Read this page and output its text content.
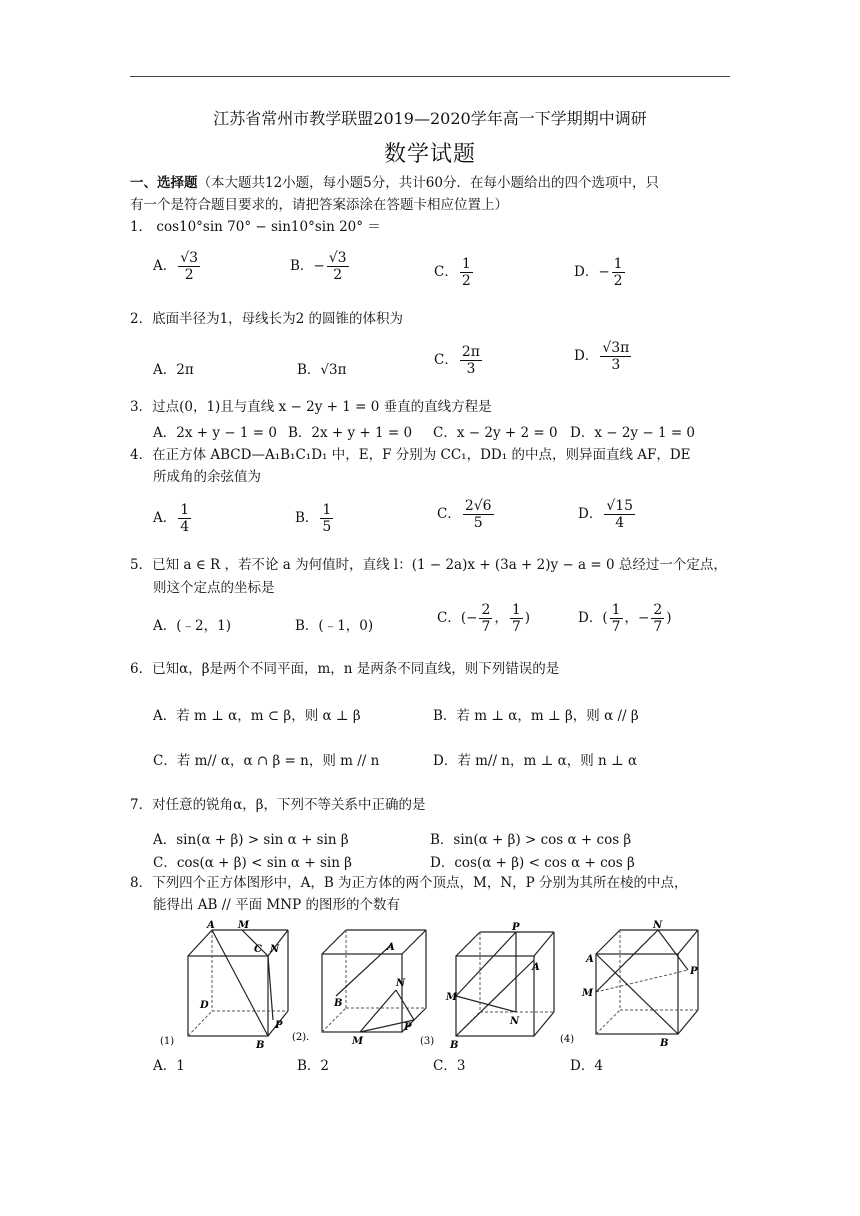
江苏省常州市教学联盟2019—2020学年高一下学期期中调研
数学试题
一、选择题（本大题共12小题，每小题5分，共计60分．在每小题给出的四个选项中，只
有一个是符合题目要求的，请把答案添涂在答题卡相应位置上）
1． cos10°sin 70° − sin10°sin 20° ＝
A． $\frac{√3}{2}$	B．− $\frac{√3}{2}$	C． $\frac{1}{2}$	D．− $\frac{1}{2}$
2．底面半径为1，母线长为2 的圆锥的体积为
A．2π	B．√3π
C． $\frac{2\pi}{3}$	D． $\frac{√3\pi}{3}$
3．过点(0，1)且与直线 x − 2y + 1 = 0 垂直的直线方程是
A．2x + y − 1 = 0 B．2x + y + 1 = 0 C．x − 2y + 2 = 0 D．x − 2y − 1 = 0
4．在正方体 ABCD—A₁B₁C₁D₁ 中，E，F 分别为 CC₁，DD₁ 的中点，则异面直线 AF，DE
所成角的余弦值为
A． $\frac{1}{4}$	B． $\frac{1}{5}$	C． $\frac{2√6}{5}$	D． $\frac{√15}{4}$
5．已知 a ∈ R ，若不论 a 为何值时，直线 l：(1 − 2a)x + (3a + 2)y − a = 0 总经过一个定点，
则这个定点的坐标是
A．(﹣2，1)	B．(﹣1，0)	C．(− $\frac{2}{7}$ ， $\frac{1}{7}$ )	D．( $\frac{1}{7}$ ，− $\frac{2}{7}$ )
6．已知α，β是两个不同平面，m，n 是两条不同直线，则下列错误的是
A．若 m ⊥ α，m ⊂ β，则 α ⊥ β	B．若 m ⊥ α，m ⊥ β，则 α // β
C．若 m// α，α ∩ β = n，则 m // n	D．若 m// n，m ⊥ α，则 n ⊥ α
7．对任意的锐角α，β，下列不等关系中正确的是
A．sin(α + β) > sin α + sin β	B．sin(α + β) > cos α + cos β
C．cos(α + β) < sin α + sin β	D．cos(α + β) < cos α + cos β
8．下列四个正方体图形中，A，B 为正方体的两个顶点，M，N，P 分别为其所在棱的中点，
能得出 AB // 平面 MNP 的图形的个数有
A M
C N
D
P
B
(1)
A
B
N
P
M
(2)．
P
A
M
N
B
(3)
N
A
P
M
B
(4)
A．1	B．2	C．3	D．4
